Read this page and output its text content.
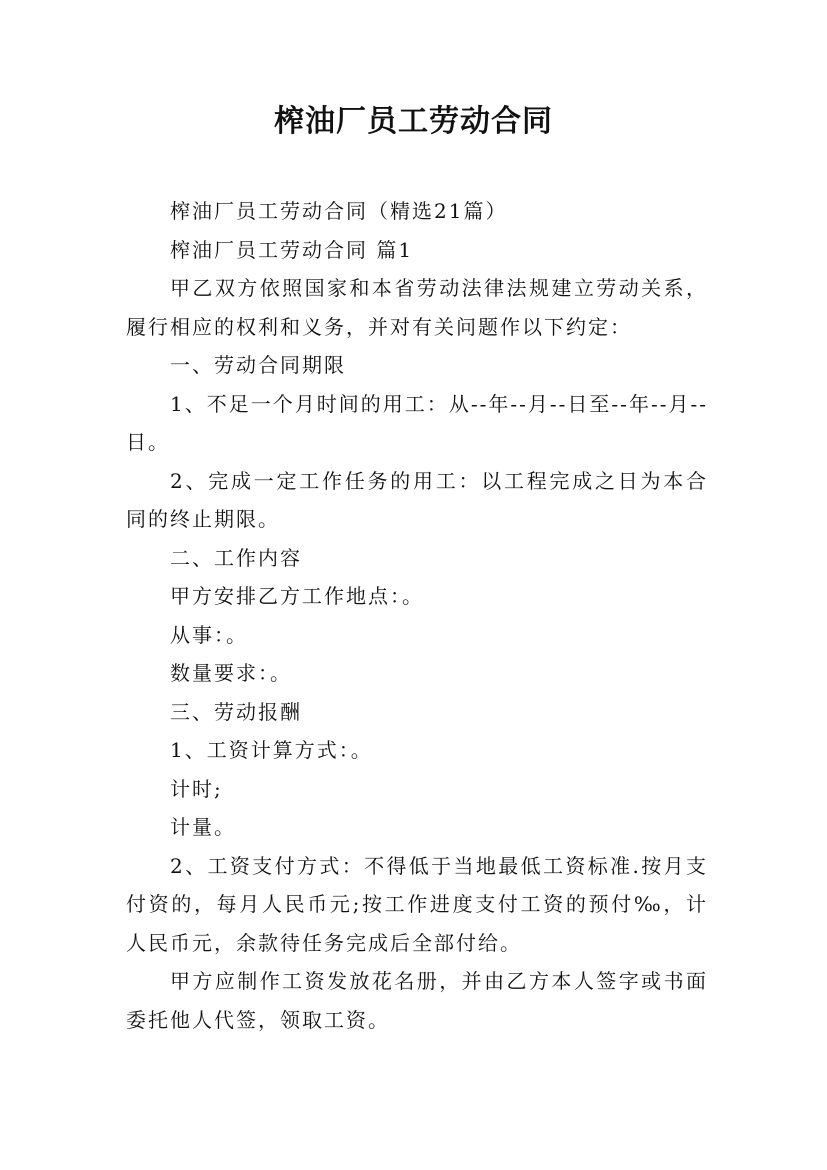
榨油厂员工劳动合同

榨油厂员工劳动合同（精选21篇）

榨油厂员工劳动合同 篇1

甲乙双方依照国家和本省劳动法律法规建立劳动关系，履行相应的权利和义务，并对有关问题作以下约定：

一、劳动合同期限

1、不足一个月时间的用工：从--年--月--日至--年--月--日。

2、完成一定工作任务的用工：以工程完成之日为本合同的终止期限。

二、工作内容

甲方安排乙方工作地点：。

从事：。

数量要求：。

三、劳动报酬

1、工资计算方式：。

计时;

计量。

2、工资支付方式：不得低于当地最低工资标准.按月支付资的，每月人民币元;按工作进度支付工资的预付‰，计人民币元，余款待任务完成后全部付给。

甲方应制作工资发放花名册，并由乙方本人签字或书面委托他人代签，领取工资。
